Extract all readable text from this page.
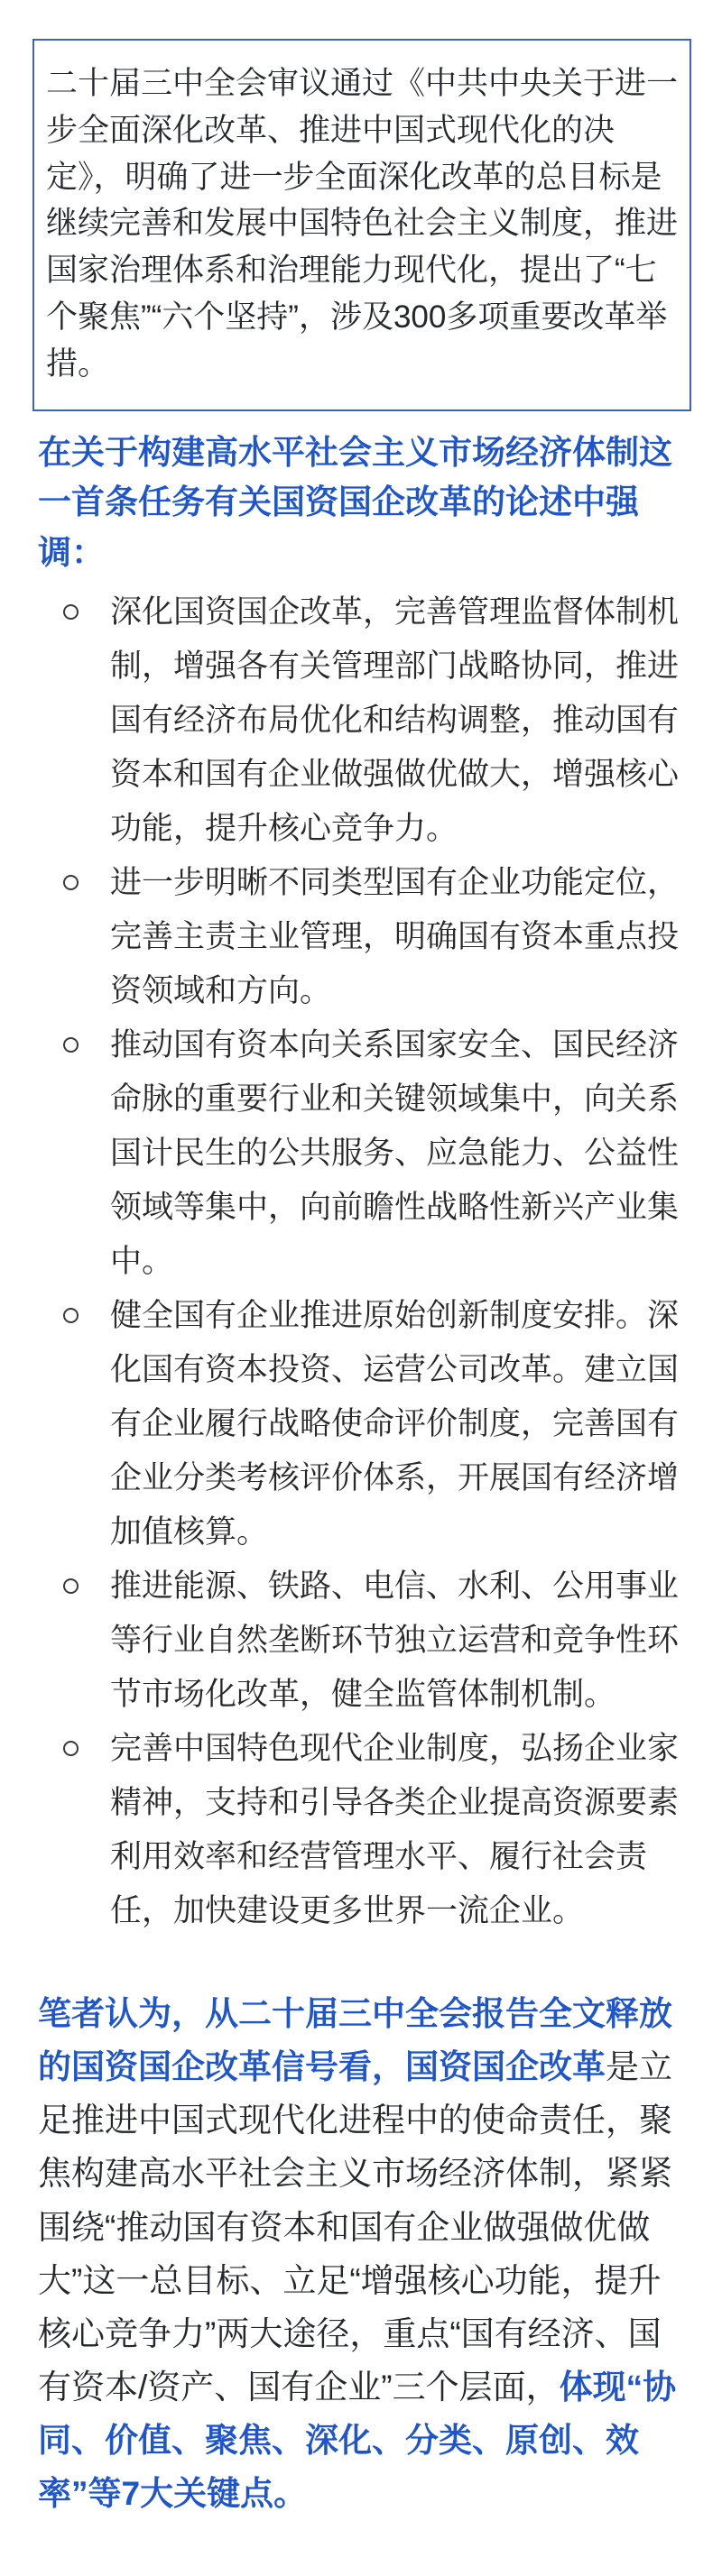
二十届三中全会审议通过《中共中央关于进一步全面深化改革、推进中国式现代化的决定》，明确了进一步全面深化改革的总目标是继续完善和发展中国特色社会主义制度，推进国家治理体系和治理能力现代化，提出了“七个聚焦”“六个坚持”，涉及300多项重要改革举措。

在关于构建高水平社会主义市场经济体制这一首条任务有关国资国企改革的论述中强调：
深化国资国企改革，完善管理监督体制机制，增强各有关管理部门战略协同，推进国有经济布局优化和结构调整，推动国有资本和国有企业做强做优做大，增强核心功能，提升核心竞争力。
进一步明晰不同类型国有企业功能定位，完善主责主业管理，明确国有资本重点投资领域和方向。
推动国有资本向关系国家安全、国民经济命脉的重要行业和关键领域集中，向关系国计民生的公共服务、应急能力、公益性领域等集中，向前瞻性战略性新兴产业集中。
健全国有企业推进原始创新制度安排。深化国有资本投资、运营公司改革。建立国有企业履行战略使命评价制度，完善国有企业分类考核评价体系，开展国有经济增加值核算。
推进能源、铁路、电信、水利、公用事业等行业自然垄断环节独立运营和竞争性环节市场化改革，健全监管体制机制。
完善中国特色现代企业制度，弘扬企业家精神，支持和引导各类企业提高资源要素利用效率和经营管理水平、履行社会责任，加快建设更多世界一流企业。

笔者认为，从二十届三中全会报告全文释放的国资国企改革信号看，国资国企改革是立足推进中国式现代化进程中的使命责任，聚焦构建高水平社会主义市场经济体制，紧紧围绕“推动国有资本和国有企业做强做优做大”这一总目标、立足“增强核心功能，提升核心竞争力”两大途径，重点“国有经济、国有资本/资产、国有企业”三个层面，体现“协同、价值、聚焦、深化、分类、原创、效率”等7大关键点。
